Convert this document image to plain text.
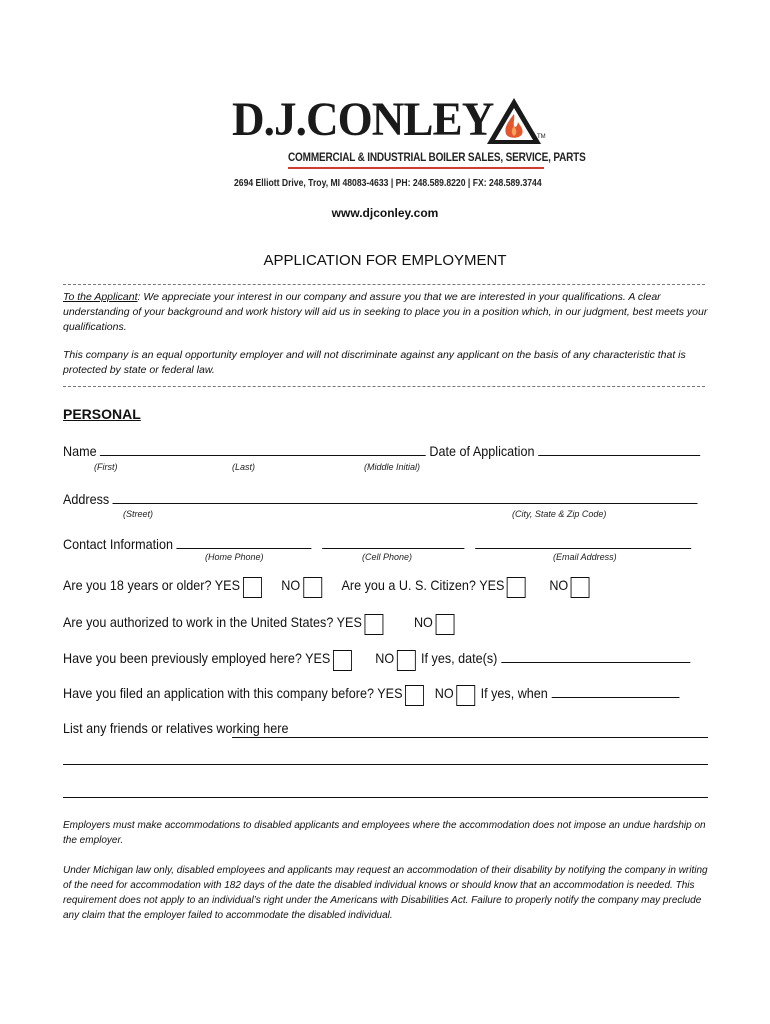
D.J.CONLEY	TM
COMMERCIAL & INDUSTRIAL BOILER SALES, SERVICE, PARTS
2694 Elliott Drive, Troy, MI 48083-4633 | PH: 248.589.8220 | FX: 248.589.3744
www.djconley.com
APPLICATION FOR EMPLOYMENT
To the Applicant: We appreciate your interest in our company and assure you that we are interested in your qualifications. A clear understanding of your background and work history will aid us in seeking to place you in a position which, in our judgment, best meets your qualifications.
This company is an equal opportunity employer and will not discriminate against any applicant on the basis of any characteristic that is protected by state or federal law.
PERSONAL
Name	Date of Application
(First)	(Last)	(Middle Initial)
Address
(Street)	(City, State & Zip Code)
Contact Information
(Home Phone)	(Cell Phone)	(Email Address)
Are you 18 years or older? YES	NO	Are you a U. S. Citizen? YES	NO
Are you authorized to work in the United States? YES	NO
Have you been previously employed here? YES	NO If yes, date(s)
Have you filed an application with this company before? YES NO If yes, when
List any friends or relatives working here
Employers must make accommodations to disabled applicants and employees where the accommodation does not impose an undue hardship on the employer.
Under Michigan law only, disabled employees and applicants may request an accommodation of their disability by notifying the company in writing of the need for accommodation with 182 days of the date the disabled individual knows or should know that an accommodation is needed. This requirement does not apply to an individual’s right under the Americans with Disabilities Act. Failure to properly notify the company may preclude any claim that the employer failed to accommodate the disabled individual.
